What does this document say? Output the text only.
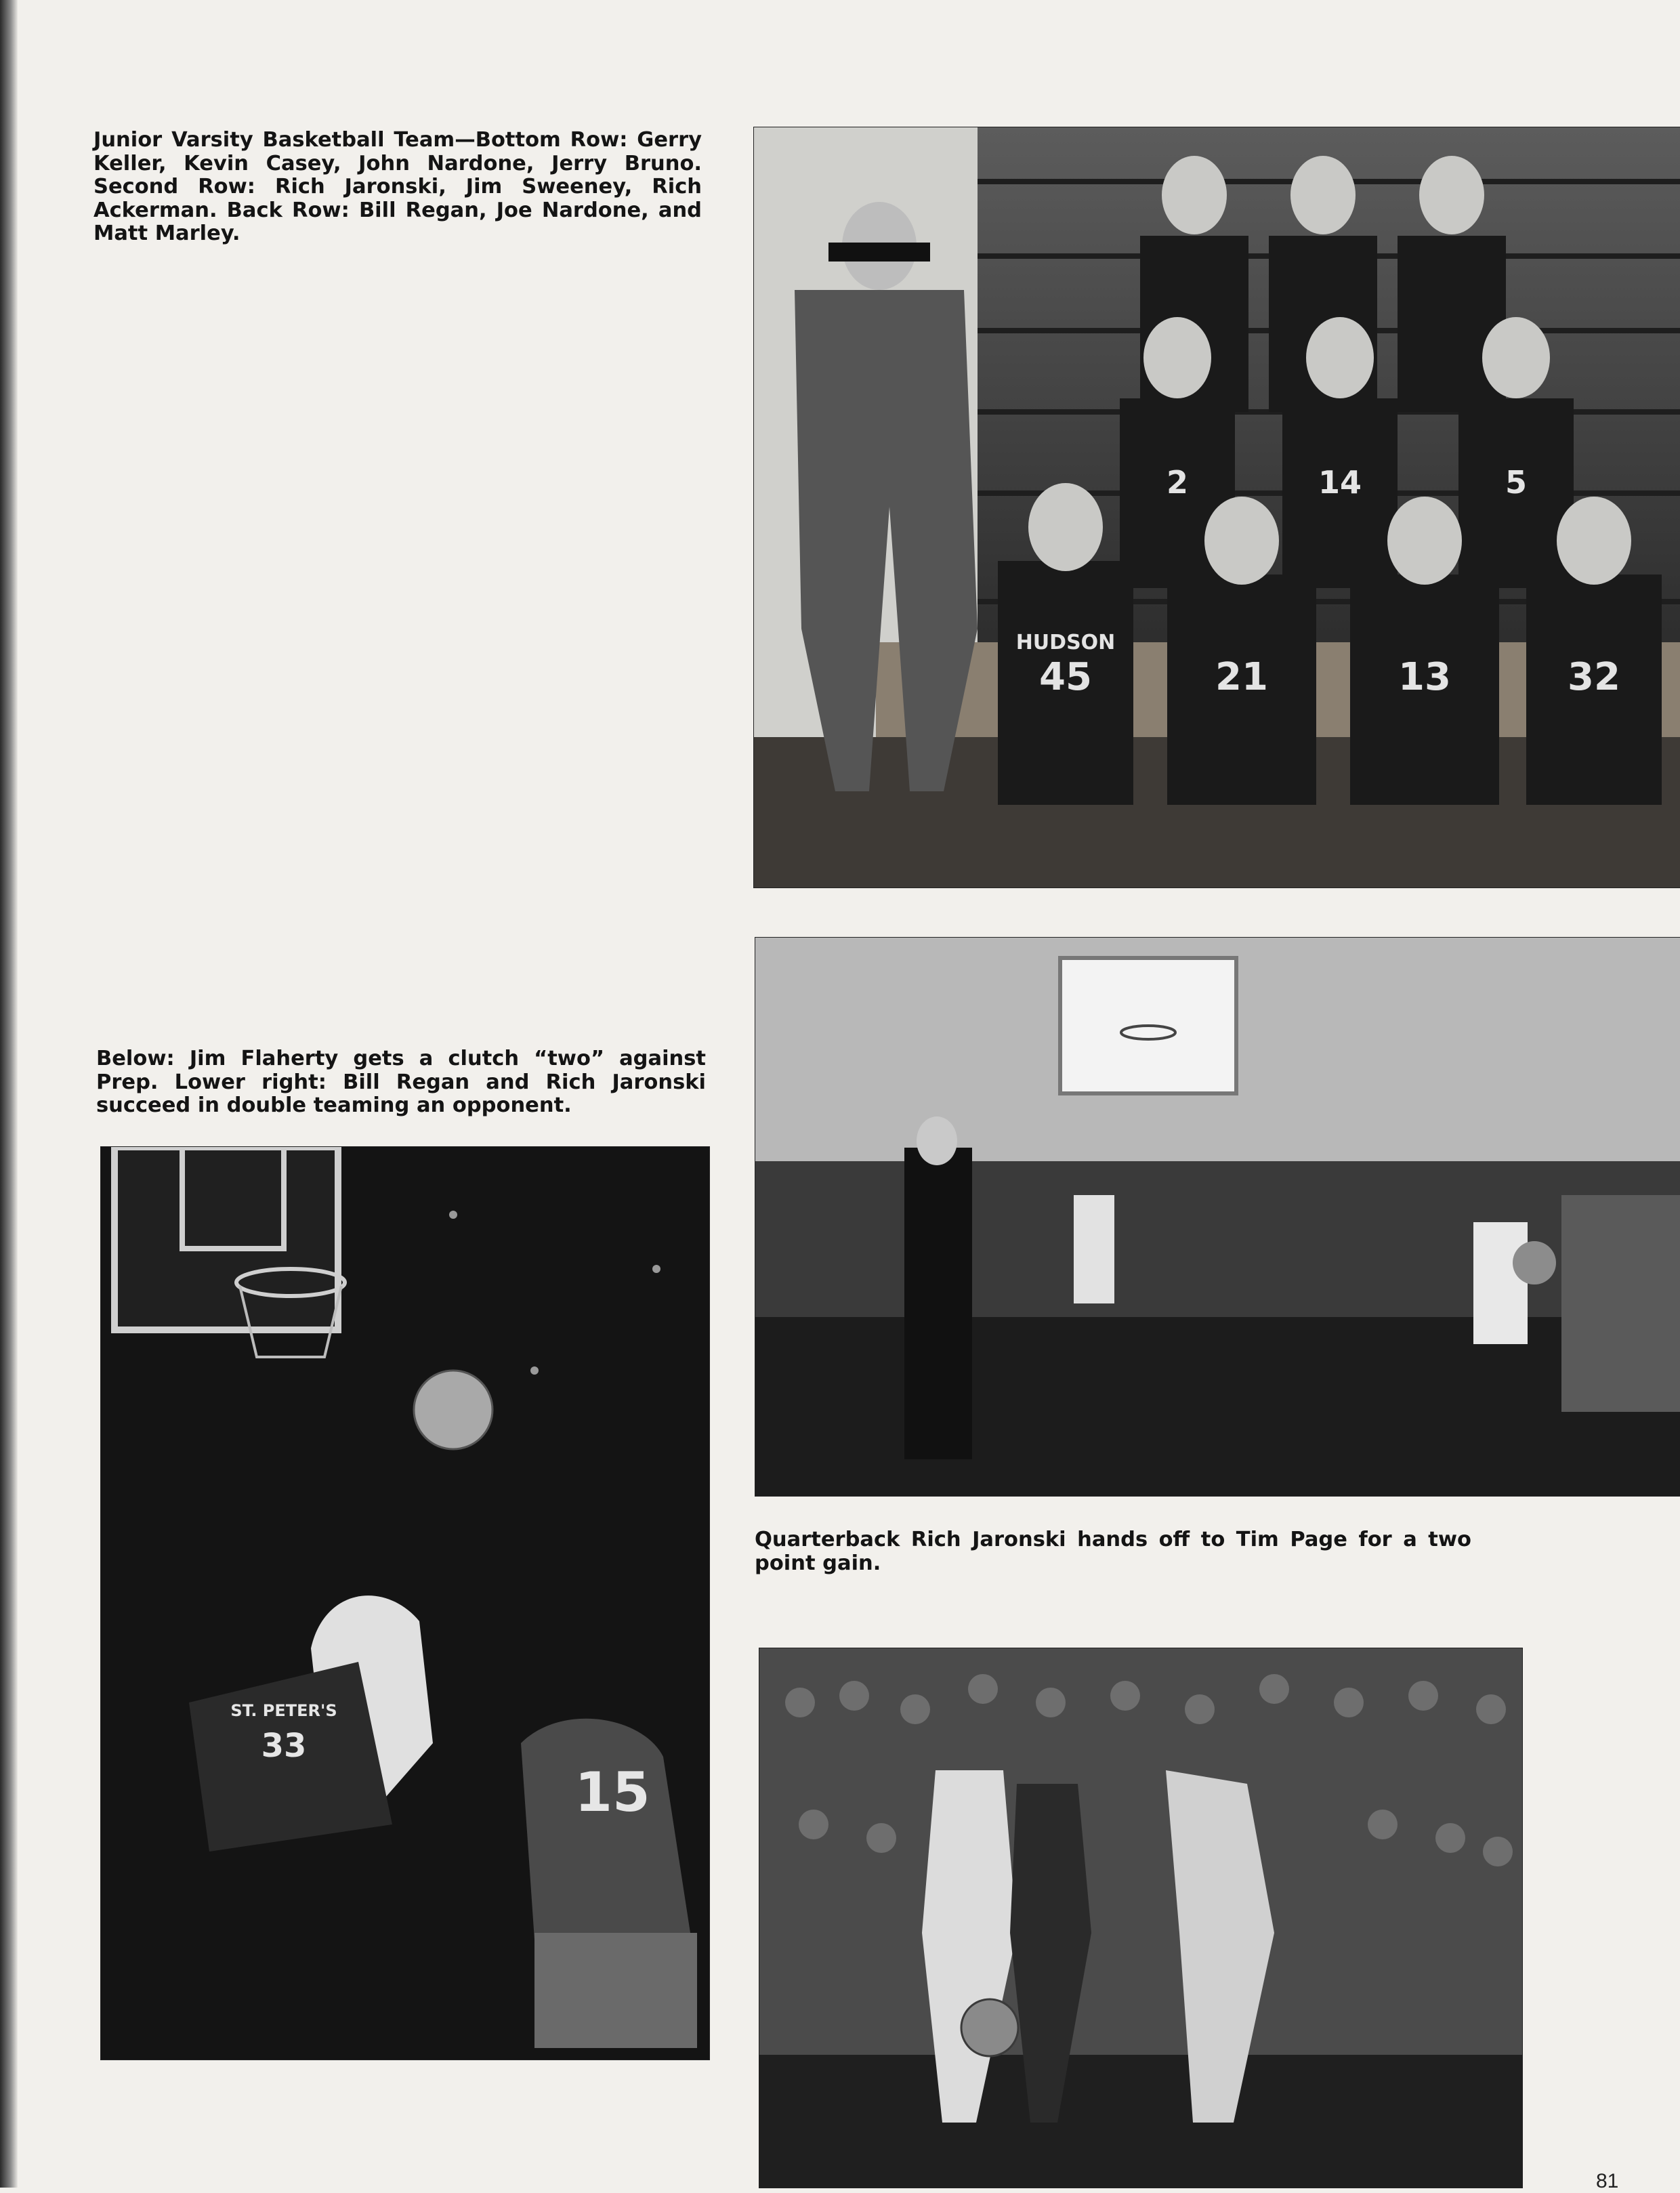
Junior Varsity Basketball Team—Bottom Row: Gerry Keller, Kevin Casey, John Nardone, Jerry Bruno. Second Row: Rich Jaronski, Jim Sweeney, Rich Ackerman. Back Row: Bill Regan, Joe Nardone, and Matt Marley.

HUDSON
45	21	13	32
2	14	5

Below: Jim Flaherty gets a clutch “two” against Prep. Lower right: Bill Regan and Rich Jaronski succeed in double teaming an opponent.

ST. PETER'S
33
15

Quarterback Rich Jaronski hands off to Tim Page for a two point gain.

81
